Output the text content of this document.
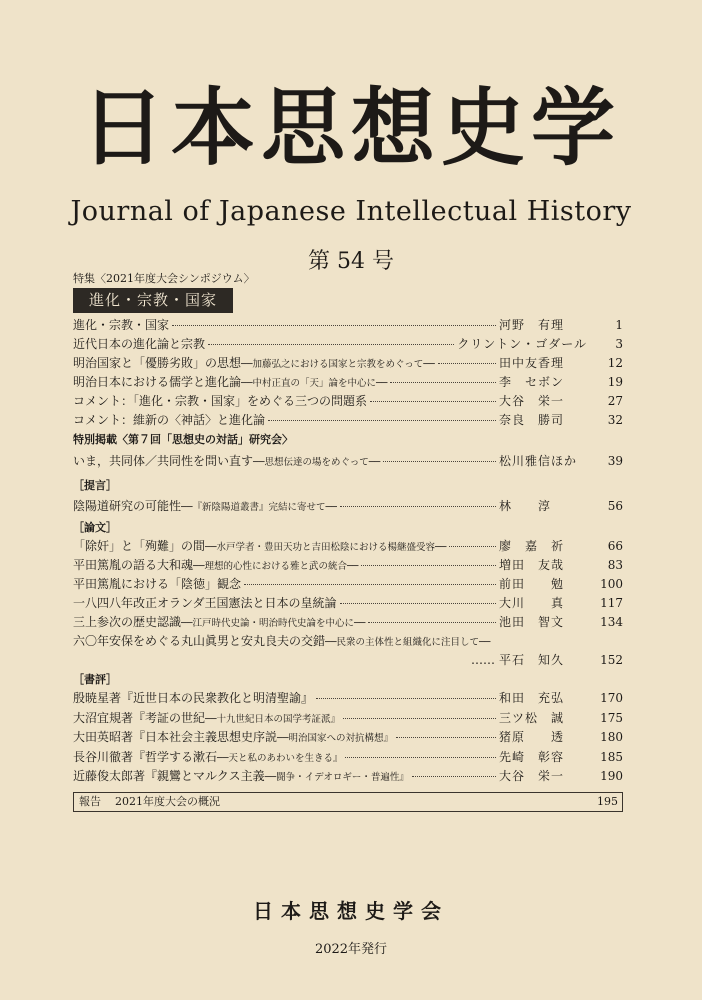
日本思想史学
Journal of Japanese Intellectual History
第 54 号
特集〈2021年度大会シンポジウム〉
進化・宗教・国家
進化・宗教・国家	河野　有理	1
近代日本の進化論と宗教	クリントン・ゴダール	3
明治国家と「優勝劣敗」の思想 ──加藤弘之における国家と宗教をめぐって──	田中友香理	12
明治日本における儒学と進化論 ──中村正直の「天」論を中心に──	李　セボン	19
コメント：「進化・宗教・国家」をめぐる三つの問題系	大谷　栄一	27
コメント：維新の〈神話〉と進化論	奈良　勝司	32
特別掲載〈第７回「思想史の対話」研究会〉
いま，共同体／共同性を問い直す ──思想伝達の場をめぐって──	松川雅信ほか	39
［提言］
陰陽道研究の可能性 ──『新陰陽道叢書』完結に寄せて──	林　　淳	56
［論文］
「除奸」と「殉難」の間 ──水戸学者・豊田天功と吉田松陰における楊継盛受容──	廖　嘉　祈	66
平田篤胤の語る大和魂 ──理想的心性における雅と武の統合──	増田　友哉	83
平田篤胤における「陰徳」観念	前田　　勉	100
一八四八年改正オランダ王国憲法と日本の皇統論	大川　　真	117
三上参次の歴史認識 ──江戸時代史論・明治時代史論を中心に──	池田　智文	134
六〇年安保をめぐる丸山眞男と安丸良夫の交錯 ──民衆の主体性と組織化に注目して──
…… 平石　知久	152
［書評］
殷暁星著『近世日本の民衆教化と明清聖諭』	和田　充弘	170
大沼宜規著『考証の世紀 ──十九世紀日本の国学考証派』	三ツ松　誠	175
大田英昭著『日本社会主義思想史序説 ──明治国家への対抗構想』	猪原　　透	180
長谷川徹著『哲学する漱石 ──天と私のあわいを生きる』	先崎　彰容	185
近藤俊太郎著『親鸞とマルクス主義 ──闘争・イデオロギー・普遍性』	大谷　栄一	190
報告 2021年度大会の概況	195
日本思想史学会
2022年発行
